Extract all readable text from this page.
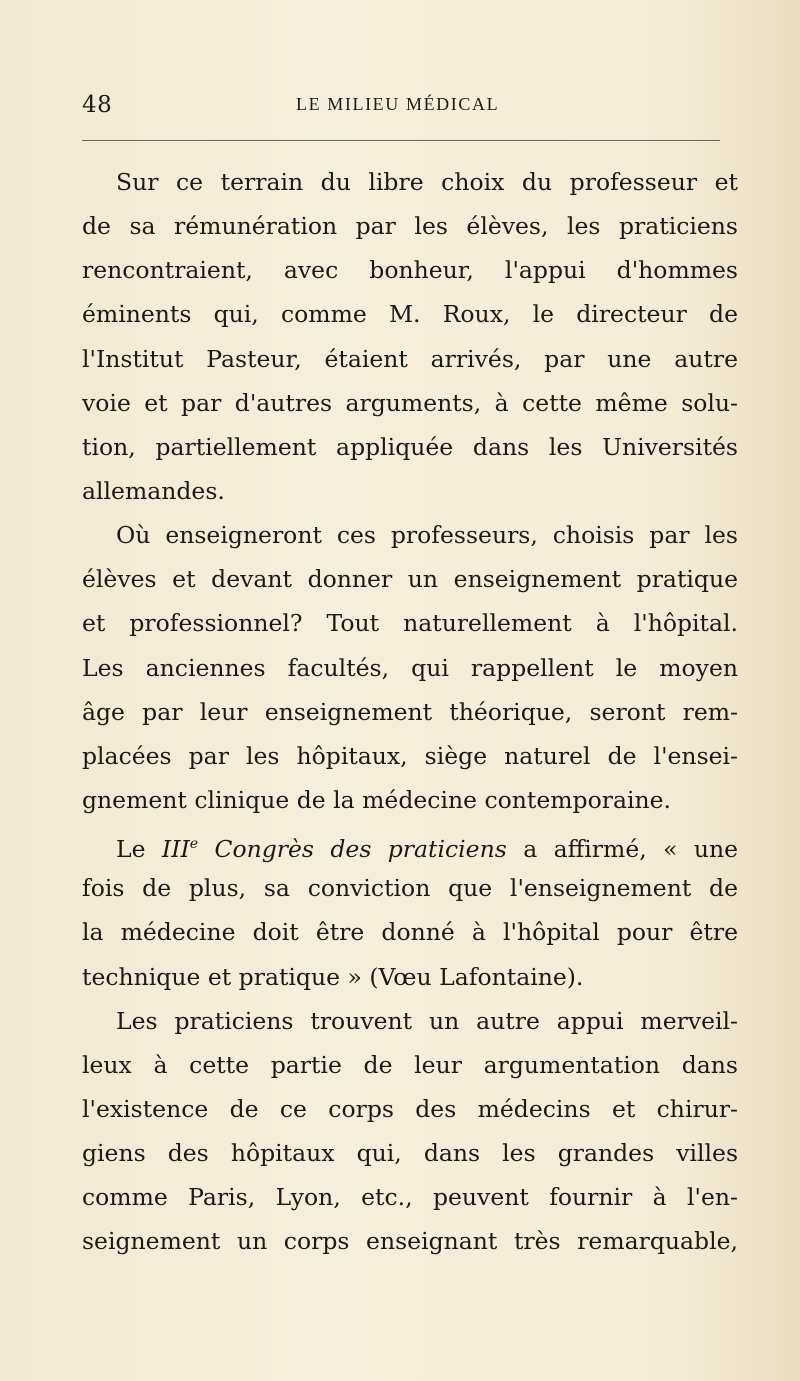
48	LE MILIEU MÉDICAL
Sur ce terrain du libre choix du professeur et
de sa rémunération par les élèves, les praticiens
rencontraient, avec bonheur, l'appui d'hommes
éminents qui, comme M. Roux, le directeur de
l'Institut Pasteur, étaient arrivés, par une autre
voie et par d'autres arguments, à cette même solu-
tion, partiellement appliquée dans les Universités
allemandes.
Où enseigneront ces professeurs, choisis par les
élèves et devant donner un enseignement pratique
et professionnel? Tout naturellement à l'hôpital.
Les anciennes facultés, qui rappellent le moyen
âge par leur enseignement théorique, seront rem-
placées par les hôpitaux, siège naturel de l'ensei-
gnement clinique de la médecine contemporaine.
Le IIIe Congrès des praticiens a affirmé, « une
fois de plus, sa conviction que l'enseignement de
la médecine doit être donné à l'hôpital pour être
technique et pratique » (Vœu Lafontaine).
Les praticiens trouvent un autre appui merveil-
leux à cette partie de leur argumentation dans
l'existence de ce corps des médecins et chirur-
giens des hôpitaux qui, dans les grandes villes
comme Paris, Lyon, etc., peuvent fournir à l'en-
seignement un corps enseignant très remarquable,
